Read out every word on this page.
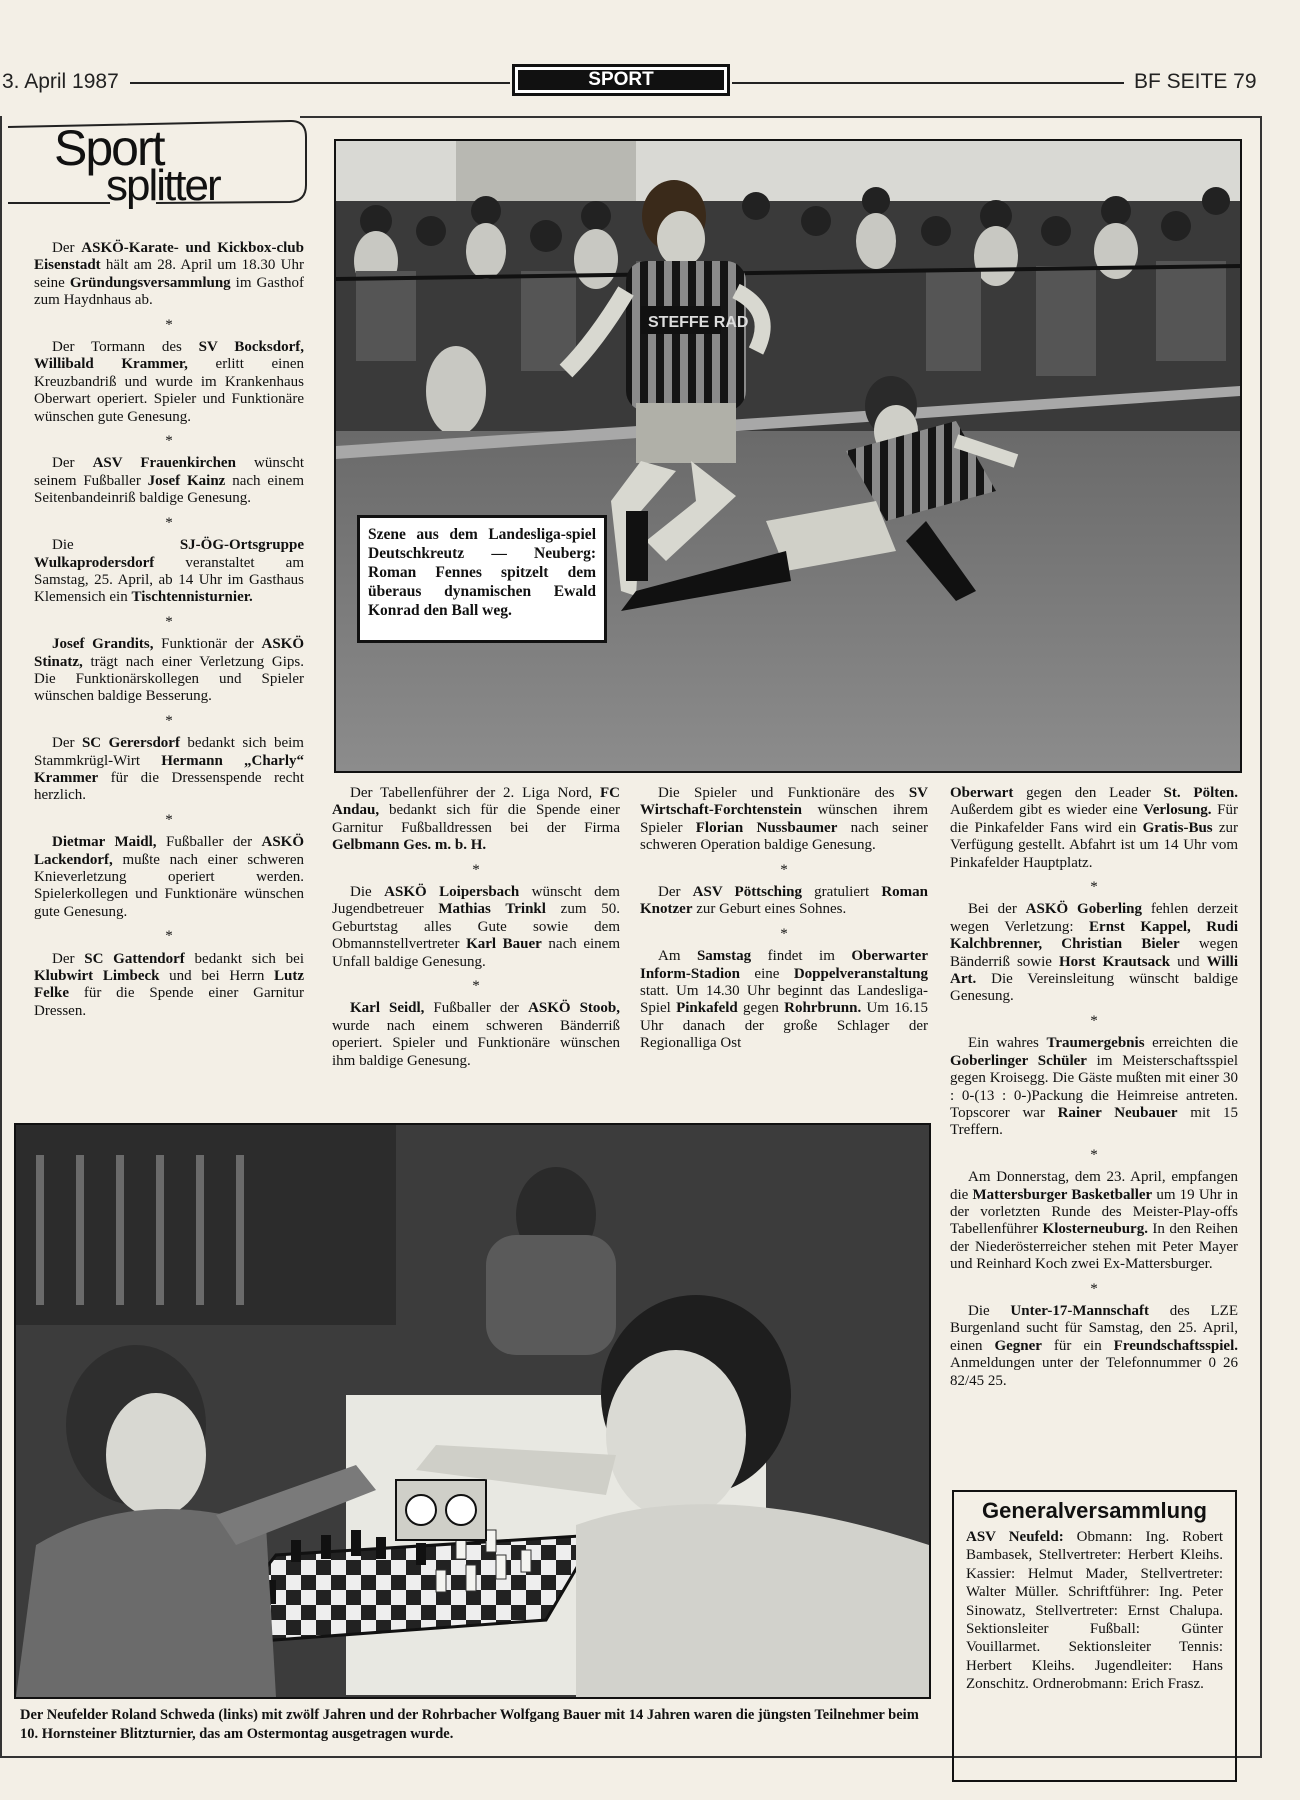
3. April 1987	SPORT	BF SEITE 79
Sport
splitter

Der ASKÖ-Karate- und Kickbox-club Eisenstadt hält am 28. April um 18.30 Uhr seine Gründungsversammlung im Gasthof zum Haydnhaus ab.

*

Der Tormann des SV Bocksdorf, Willibald Krammer, erlitt einen Kreuzbandriß und wurde im Krankenhaus Oberwart operiert. Spieler und Funktionäre wünschen gute Genesung.

*

Der ASV Frauenkirchen wünscht seinem Fußballer Josef Kainz nach einem Seitenbandeinriß baldige Genesung.

*

Die SJ-ÖG-Ortsgruppe Wulkaprodersdorf veranstaltet am Samstag, 25. April, ab 14 Uhr im Gasthaus Klemensich ein Tischtennisturnier.

*

Josef Grandits, Funktionär der ASKÖ Stinatz, trägt nach einer Verletzung Gips. Die Funktionärskollegen und Spieler wünschen baldige Besserung.

*

Der SC Gerersdorf bedankt sich beim Stammkrügl-Wirt Hermann „Charly“ Krammer für die Dressenspende recht herzlich.

*

Dietmar Maidl, Fußballer der ASKÖ Lackendorf, mußte nach einer schweren Knieverletzung operiert werden. Spielerkollegen und Funktionäre wünschen gute Genesung.

*

Der SC Gattendorf bedankt sich bei Klubwirt Limbeck und bei Herrn Lutz Felke für die Spende einer Garnitur Dressen.

STEFFE RAD
Szene aus dem Landesliga-spiel Deutschkreutz — Neuberg: Roman Fennes spitzelt dem überaus dynamischen Ewald Konrad den Ball weg.

Der Tabellenführer der 2. Liga Nord, FC Andau, bedankt sich für die Spende einer Garnitur Fußballdressen bei der Firma Gelbmann Ges. m. b. H.

*

Die ASKÖ Loipersbach wünscht dem Jugendbetreuer Mathias Trinkl zum 50. Geburtstag alles Gute sowie dem Obmannstellvertreter Karl Bauer nach einem Unfall baldige Genesung.

*

Karl Seidl, Fußballer der ASKÖ Stoob, wurde nach einem schweren Bänderriß operiert. Spieler und Funktionäre wünschen ihm baldige Genesung.

Die Spieler und Funktionäre des SV Wirtschaft-Forchtenstein wünschen ihrem Spieler Florian Nussbaumer nach seiner schweren Operation baldige Genesung.

*

Der ASV Pöttsching gratuliert Roman Knotzer zur Geburt eines Sohnes.

*

Am Samstag findet im Oberwarter Inform-Stadion eine Doppelveranstaltung statt. Um 14.30 Uhr beginnt das Landesliga-Spiel Pinkafeld gegen Rohrbrunn. Um 16.15 Uhr danach der große Schlager der Regionalliga Ost

Oberwart gegen den Leader St. Pölten. Außerdem gibt es wieder eine Verlosung. Für die Pinkafelder Fans wird ein Gratis-Bus zur Verfügung gestellt. Abfahrt ist um 14 Uhr vom Pinkafelder Hauptplatz.

*

Bei der ASKÖ Goberling fehlen derzeit wegen Verletzung: Ernst Kappel, Rudi Kalchbrenner, Christian Bieler wegen Bänderriß sowie Horst Krautsack und Willi Art. Die Vereinsleitung wünscht baldige Genesung.

*

Ein wahres Traumergebnis erreichten die Goberlinger Schüler im Meisterschaftsspiel gegen Kroisegg. Die Gäste mußten mit einer 30 : 0-(13 : 0-)Packung die Heimreise antreten. Topscorer war Rainer Neubauer mit 15 Treffern.

*

Am Donnerstag, dem 23. April, empfangen die Mattersburger Basketballer um 19 Uhr in der vorletzten Runde des Meister-Play-offs Tabellenführer Klosterneuburg. In den Reihen der Niederösterreicher stehen mit Peter Mayer und Reinhard Koch zwei Ex-Mattersburger.

*

Die Unter-17-Mannschaft des LZE Burgenland sucht für Samstag, den 25. April, einen Gegner für ein Freundschaftsspiel. Anmeldungen unter der Telefonnummer 0 26 82/45 25.

Der Neufelder Roland Schweda (links) mit zwölf Jahren und der Rohrbacher Wolfgang Bauer mit 14 Jahren waren die jüngsten Teilnehmer beim 10. Hornsteiner Blitzturnier, das am Ostermontag ausgetragen wurde.
Generalversammlung
ASV Neufeld: Obmann: Ing. Robert Bambasek, Stellvertreter: Herbert Kleihs. Kassier: Helmut Mader, Stellvertreter: Walter Müller. Schriftführer: Ing. Peter Sinowatz, Stellvertreter: Ernst Chalupa. Sektionsleiter Fußball: Günter Vouillarmet. Sektionsleiter Tennis: Herbert Kleihs. Jugendleiter: Hans Zonschitz. Ordnerobmann: Erich Frasz.
